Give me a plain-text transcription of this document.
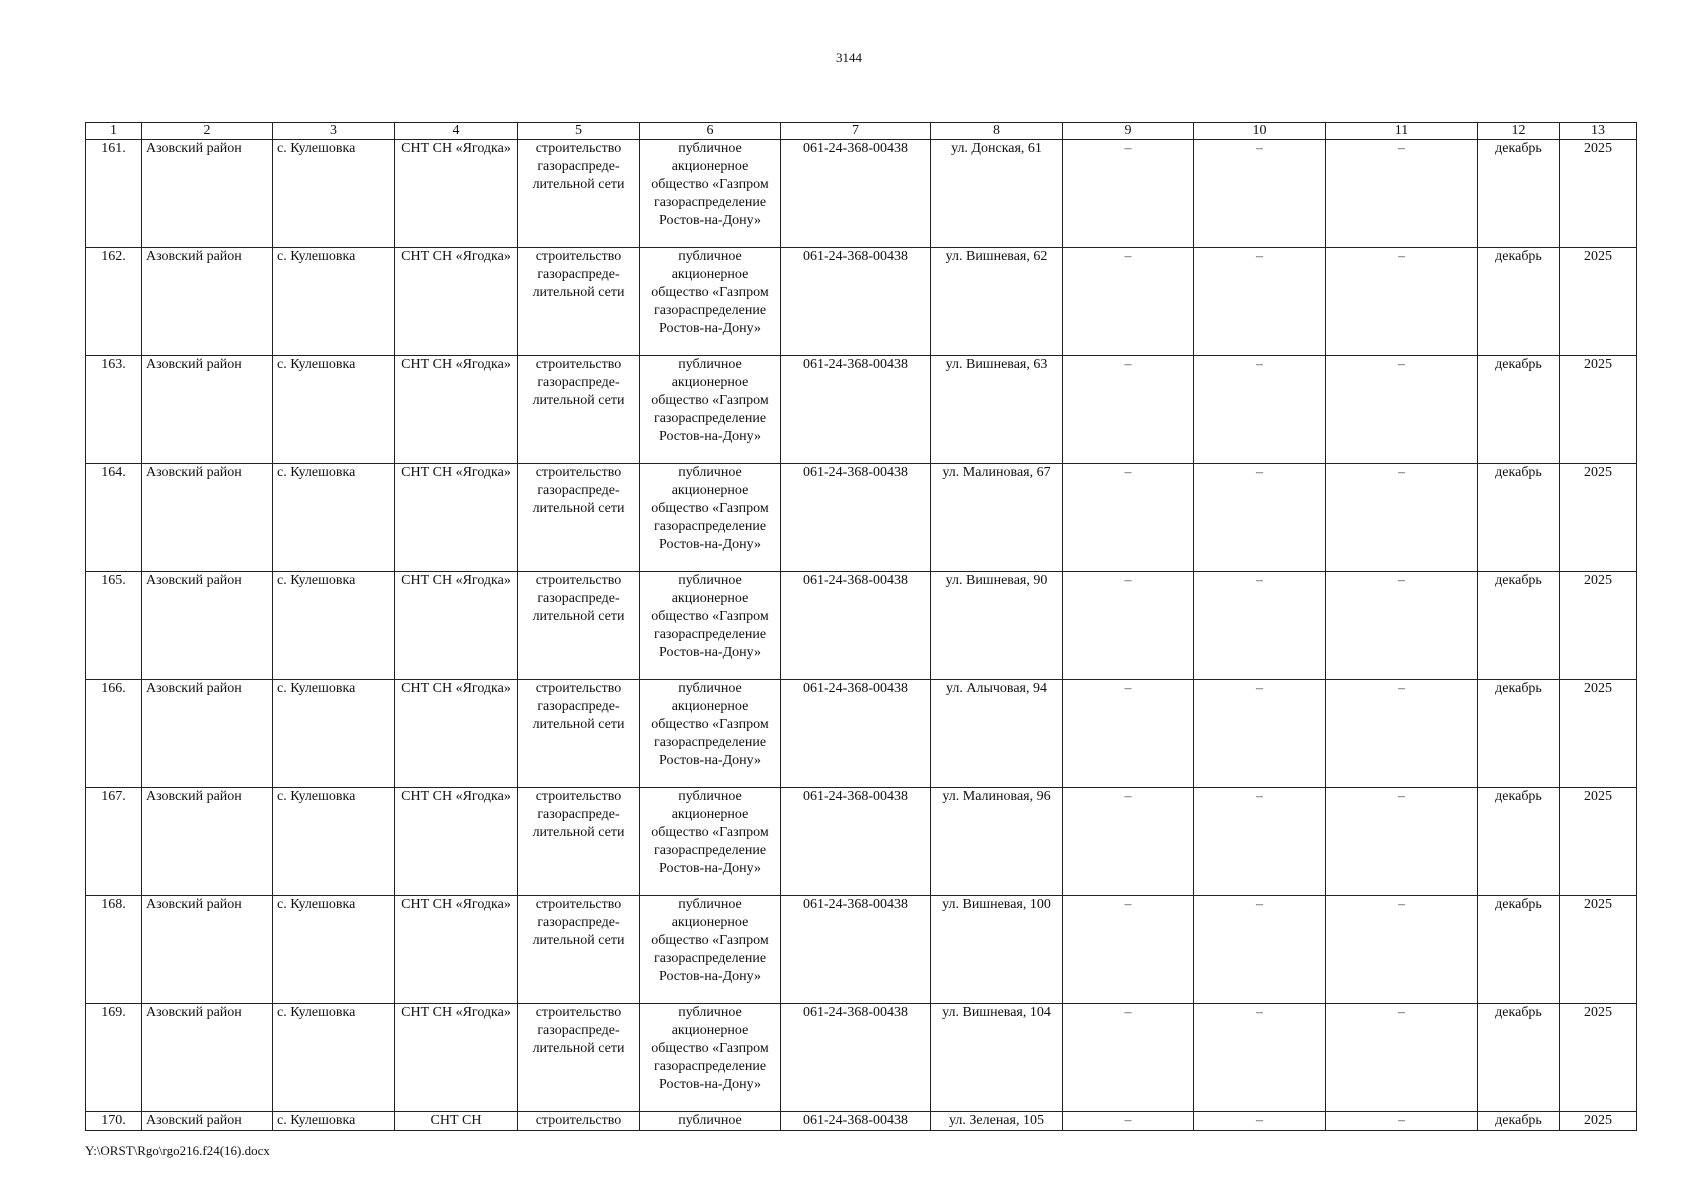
3144
1	2	3	4	5	6	7	8	9	10	11	12	13
161.	Азовский район	с. Кулешовка	СНТ СН «Ягодка»	строительство газораспреде-лительной сети	публичное акционерное общество «Газпром газораспределение Ростов-на-Дону»	061-24-368-00438	ул. Донская, 61	–	–	–	декабрь	2025
162.	Азовский район	с. Кулешовка	СНТ СН «Ягодка»	строительство газораспреде-лительной сети	публичное акционерное общество «Газпром газораспределение Ростов-на-Дону»	061-24-368-00438	ул. Вишневая, 62	–	–	–	декабрь	2025
163.	Азовский район	с. Кулешовка	СНТ СН «Ягодка»	строительство газораспреде-лительной сети	публичное акционерное общество «Газпром газораспределение Ростов-на-Дону»	061-24-368-00438	ул. Вишневая, 63	–	–	–	декабрь	2025
164.	Азовский район	с. Кулешовка	СНТ СН «Ягодка»	строительство газораспреде-лительной сети	публичное акционерное общество «Газпром газораспределение Ростов-на-Дону»	061-24-368-00438	ул. Малиновая, 67	–	–	–	декабрь	2025
165.	Азовский район	с. Кулешовка	СНТ СН «Ягодка»	строительство газораспреде-лительной сети	публичное акционерное общество «Газпром газораспределение Ростов-на-Дону»	061-24-368-00438	ул. Вишневая, 90	–	–	–	декабрь	2025
166.	Азовский район	с. Кулешовка	СНТ СН «Ягодка»	строительство газораспреде-лительной сети	публичное акционерное общество «Газпром газораспределение Ростов-на-Дону»	061-24-368-00438	ул. Алычовая, 94	–	–	–	декабрь	2025
167.	Азовский район	с. Кулешовка	СНТ СН «Ягодка»	строительство газораспреде-лительной сети	публичное акционерное общество «Газпром газораспределение Ростов-на-Дону»	061-24-368-00438	ул. Малиновая, 96	–	–	–	декабрь	2025
168.	Азовский район	с. Кулешовка	СНТ СН «Ягодка»	строительство газораспреде-лительной сети	публичное акционерное общество «Газпром газораспределение Ростов-на-Дону»	061-24-368-00438	ул. Вишневая, 100	–	–	–	декабрь	2025
169.	Азовский район	с. Кулешовка	СНТ СН «Ягодка»	строительство газораспреде-лительной сети	публичное акционерное общество «Газпром газораспределение Ростов-на-Дону»	061-24-368-00438	ул. Вишневая, 104	–	–	–	декабрь	2025
170.	Азовский район	с. Кулешовка	СНТ СН	строительство	публичное	061-24-368-00438	ул. Зеленая, 105	–	–	–	декабрь	2025
Y:\ORST\Rgo\rgo216.f24(16).docx
